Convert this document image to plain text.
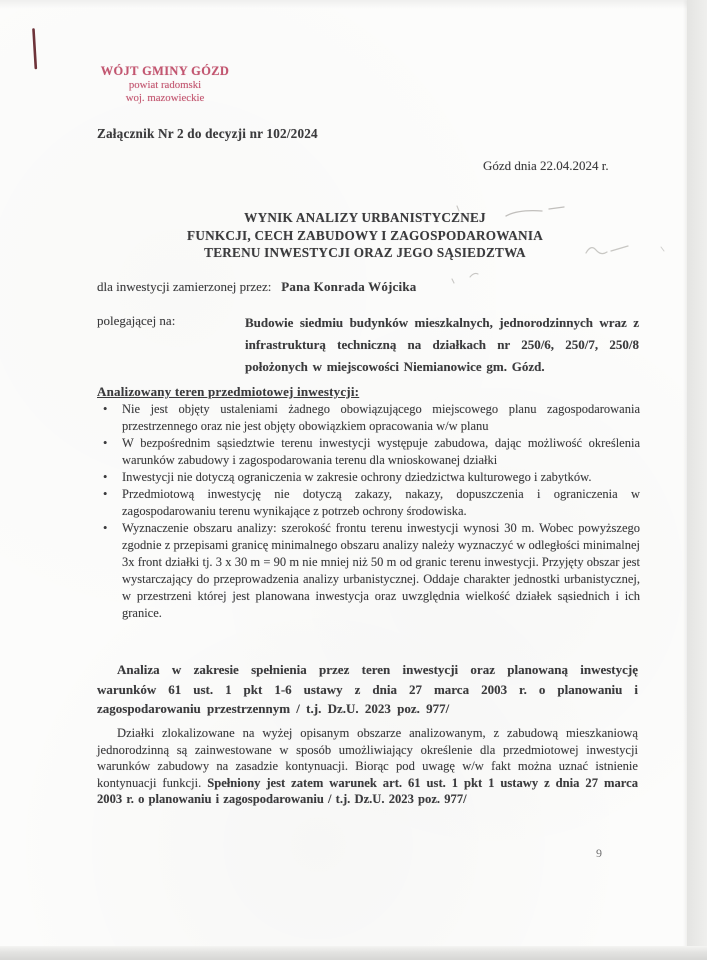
WÓJT GMINY GÓZD
powiat radomski
woj. mazowieckie
Załącznik Nr 2 do decyzji nr 102/2024
Gózd dnia 22.04.2024 r.
WYNIK ANALIZY URBANISTYCZNEJ
FUNKCJI, CECH ZABUDOWY I ZAGOSPODAROWANIA
TERENU INWESTYCJI ORAZ JEGO SĄSIEDZTWA
dla inwestycji zamierzonej przez: Pana Konrada Wójcika
polegającej na:	Budowie siedmiu budynków mieszkalnych, jednorodzinnych wraz z infrastrukturą techniczną na działkach nr 250/6, 250/7, 250/8 położonych w miejscowości Niemianowice gm. Gózd.
Analizowany teren przedmiotowej inwestycji:
• Nie jest objęty ustaleniami żadnego obowiązującego miejscowego planu zagospodarowania przestrzennego oraz nie jest objęty obowiązkiem opracowania w/w planu
• W bezpośrednim sąsiedztwie terenu inwestycji występuje zabudowa, dając możliwość określenia warunków zabudowy i zagospodarowania terenu dla wnioskowanej działki
• Inwestycji nie dotyczą ograniczenia w zakresie ochrony dziedzictwa kulturowego i zabytków.
• Przedmiotową inwestycję nie dotyczą zakazy, nakazy, dopuszczenia i ograniczenia w zagospodarowaniu terenu wynikające z potrzeb ochrony środowiska.
• Wyznaczenie obszaru analizy: szerokość frontu terenu inwestycji wynosi 30 m. Wobec powyższego zgodnie z przepisami granicę minimalnego obszaru analizy należy wyznaczyć w odległości minimalnej 3x front działki tj. 3 x 30 m = 90 m nie mniej niż 50 m od granic terenu inwestycji. Przyjęty obszar jest wystarczający do przeprowadzenia analizy urbanistycznej. Oddaje charakter jednostki urbanistycznej, w przestrzeni której jest planowana inwestycja oraz uwzględnia wielkość działek sąsiednich i ich granice.
Analiza w zakresie spełnienia przez teren inwestycji oraz planowaną inwestycję warunków 61 ust. 1 pkt 1-6 ustawy z dnia 27 marca 2003 r. o planowaniu i zagospodarowaniu przestrzennym / t.j. Dz.U. 2023 poz. 977/
Działki zlokalizowane na wyżej opisanym obszarze analizowanym, z zabudową mieszkaniową jednorodzinną są zainwestowane w sposób umożliwiający określenie dla przedmiotowej inwestycji warunków zabudowy na zasadzie kontynuacji. Biorąc pod uwagę w/w fakt można uznać istnienie kontynuacji funkcji. Spełniony jest zatem warunek art. 61 ust. 1 pkt 1 ustawy z dnia 27 marca 2003 r. o planowaniu i zagospodarowaniu / t.j. Dz.U. 2023 poz. 977/
9
